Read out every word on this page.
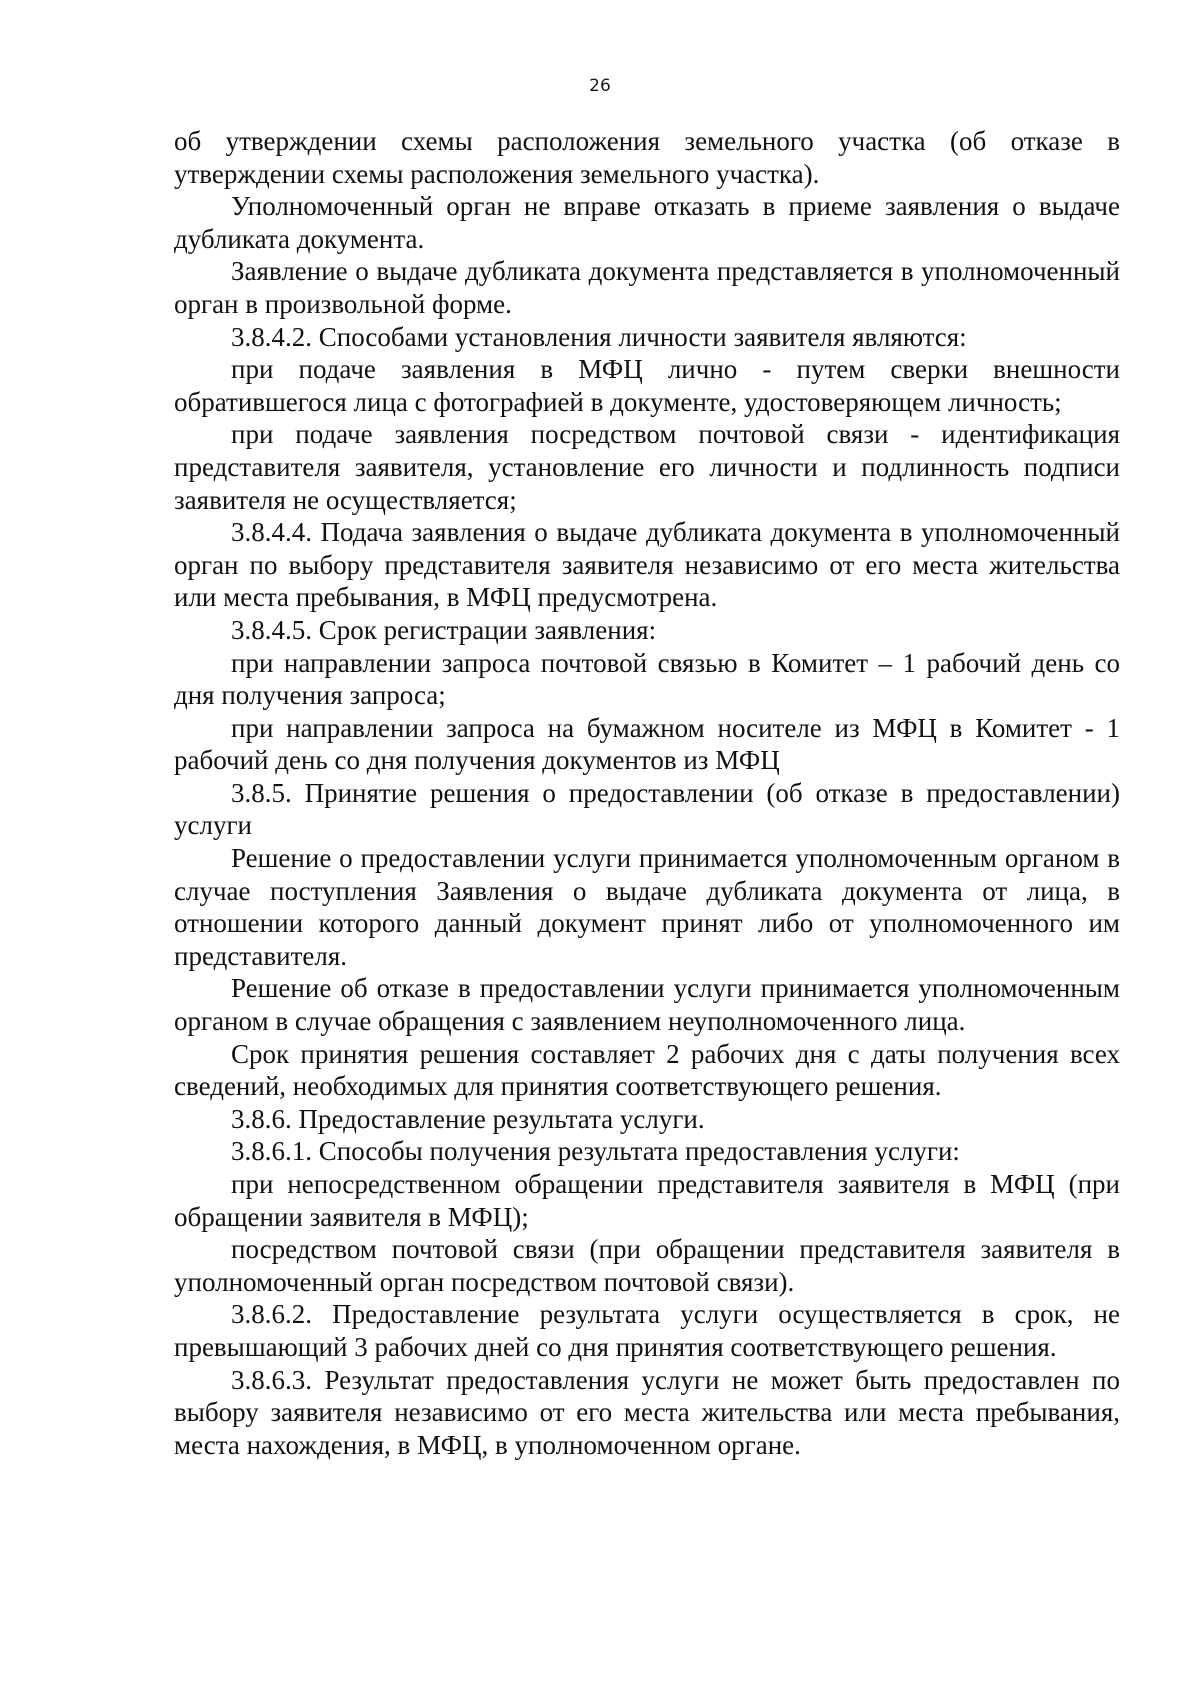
26

об утверждении схемы расположения земельного участка (об отказе в утверждении схемы расположения земельного участка).

Уполномоченный орган не вправе отказать в приеме заявления о выдаче дубликата документа.

Заявление о выдаче дубликата документа представляется в уполномоченный орган в произвольной форме.

3.8.4.2. Способами установления личности заявителя являются:

при подаче заявления в МФЦ лично - путем сверки внешности обратившегося лица с фотографией в документе, удостоверяющем личность;

при подаче заявления посредством почтовой связи - идентификация представителя заявителя, установление его личности и подлинность подписи заявителя не осуществляется;

3.8.4.4. Подача заявления о выдаче дубликата документа в уполномоченный орган по выбору представителя заявителя независимо от его места жительства или места пребывания, в МФЦ предусмотрена.

3.8.4.5. Срок регистрации заявления:

при направлении запроса почтовой связью в Комитет – 1 рабочий день со дня получения запроса;

при направлении запроса на бумажном носителе из МФЦ в Комитет - 1 рабочий день со дня получения документов из МФЦ

3.8.5. Принятие решения о предоставлении (об отказе в предоставлении) услуги

Решение о предоставлении услуги принимается уполномоченным органом в случае поступления Заявления о выдаче дубликата документа от лица, в отношении которого данный документ принят либо от уполномоченного им представителя.

Решение об отказе в предоставлении услуги принимается уполномоченным органом в случае обращения с заявлением неуполномоченного лица.

Срок принятия решения составляет 2 рабочих дня с даты получения всех сведений, необходимых для принятия соответствующего решения.

3.8.6. Предоставление результата услуги.

3.8.6.1. Способы получения результата предоставления услуги:

при непосредственном обращении представителя заявителя в МФЦ (при обращении заявителя в МФЦ);

посредством почтовой связи (при обращении представителя заявителя в уполномоченный орган посредством почтовой связи).

3.8.6.2. Предоставление результата услуги осуществляется в срок, не превышающий 3 рабочих дней со дня принятия соответствующего решения.

3.8.6.3. Результат предоставления услуги не может быть предоставлен по выбору заявителя независимо от его места жительства или места пребывания, места нахождения, в МФЦ, в уполномоченном органе.
